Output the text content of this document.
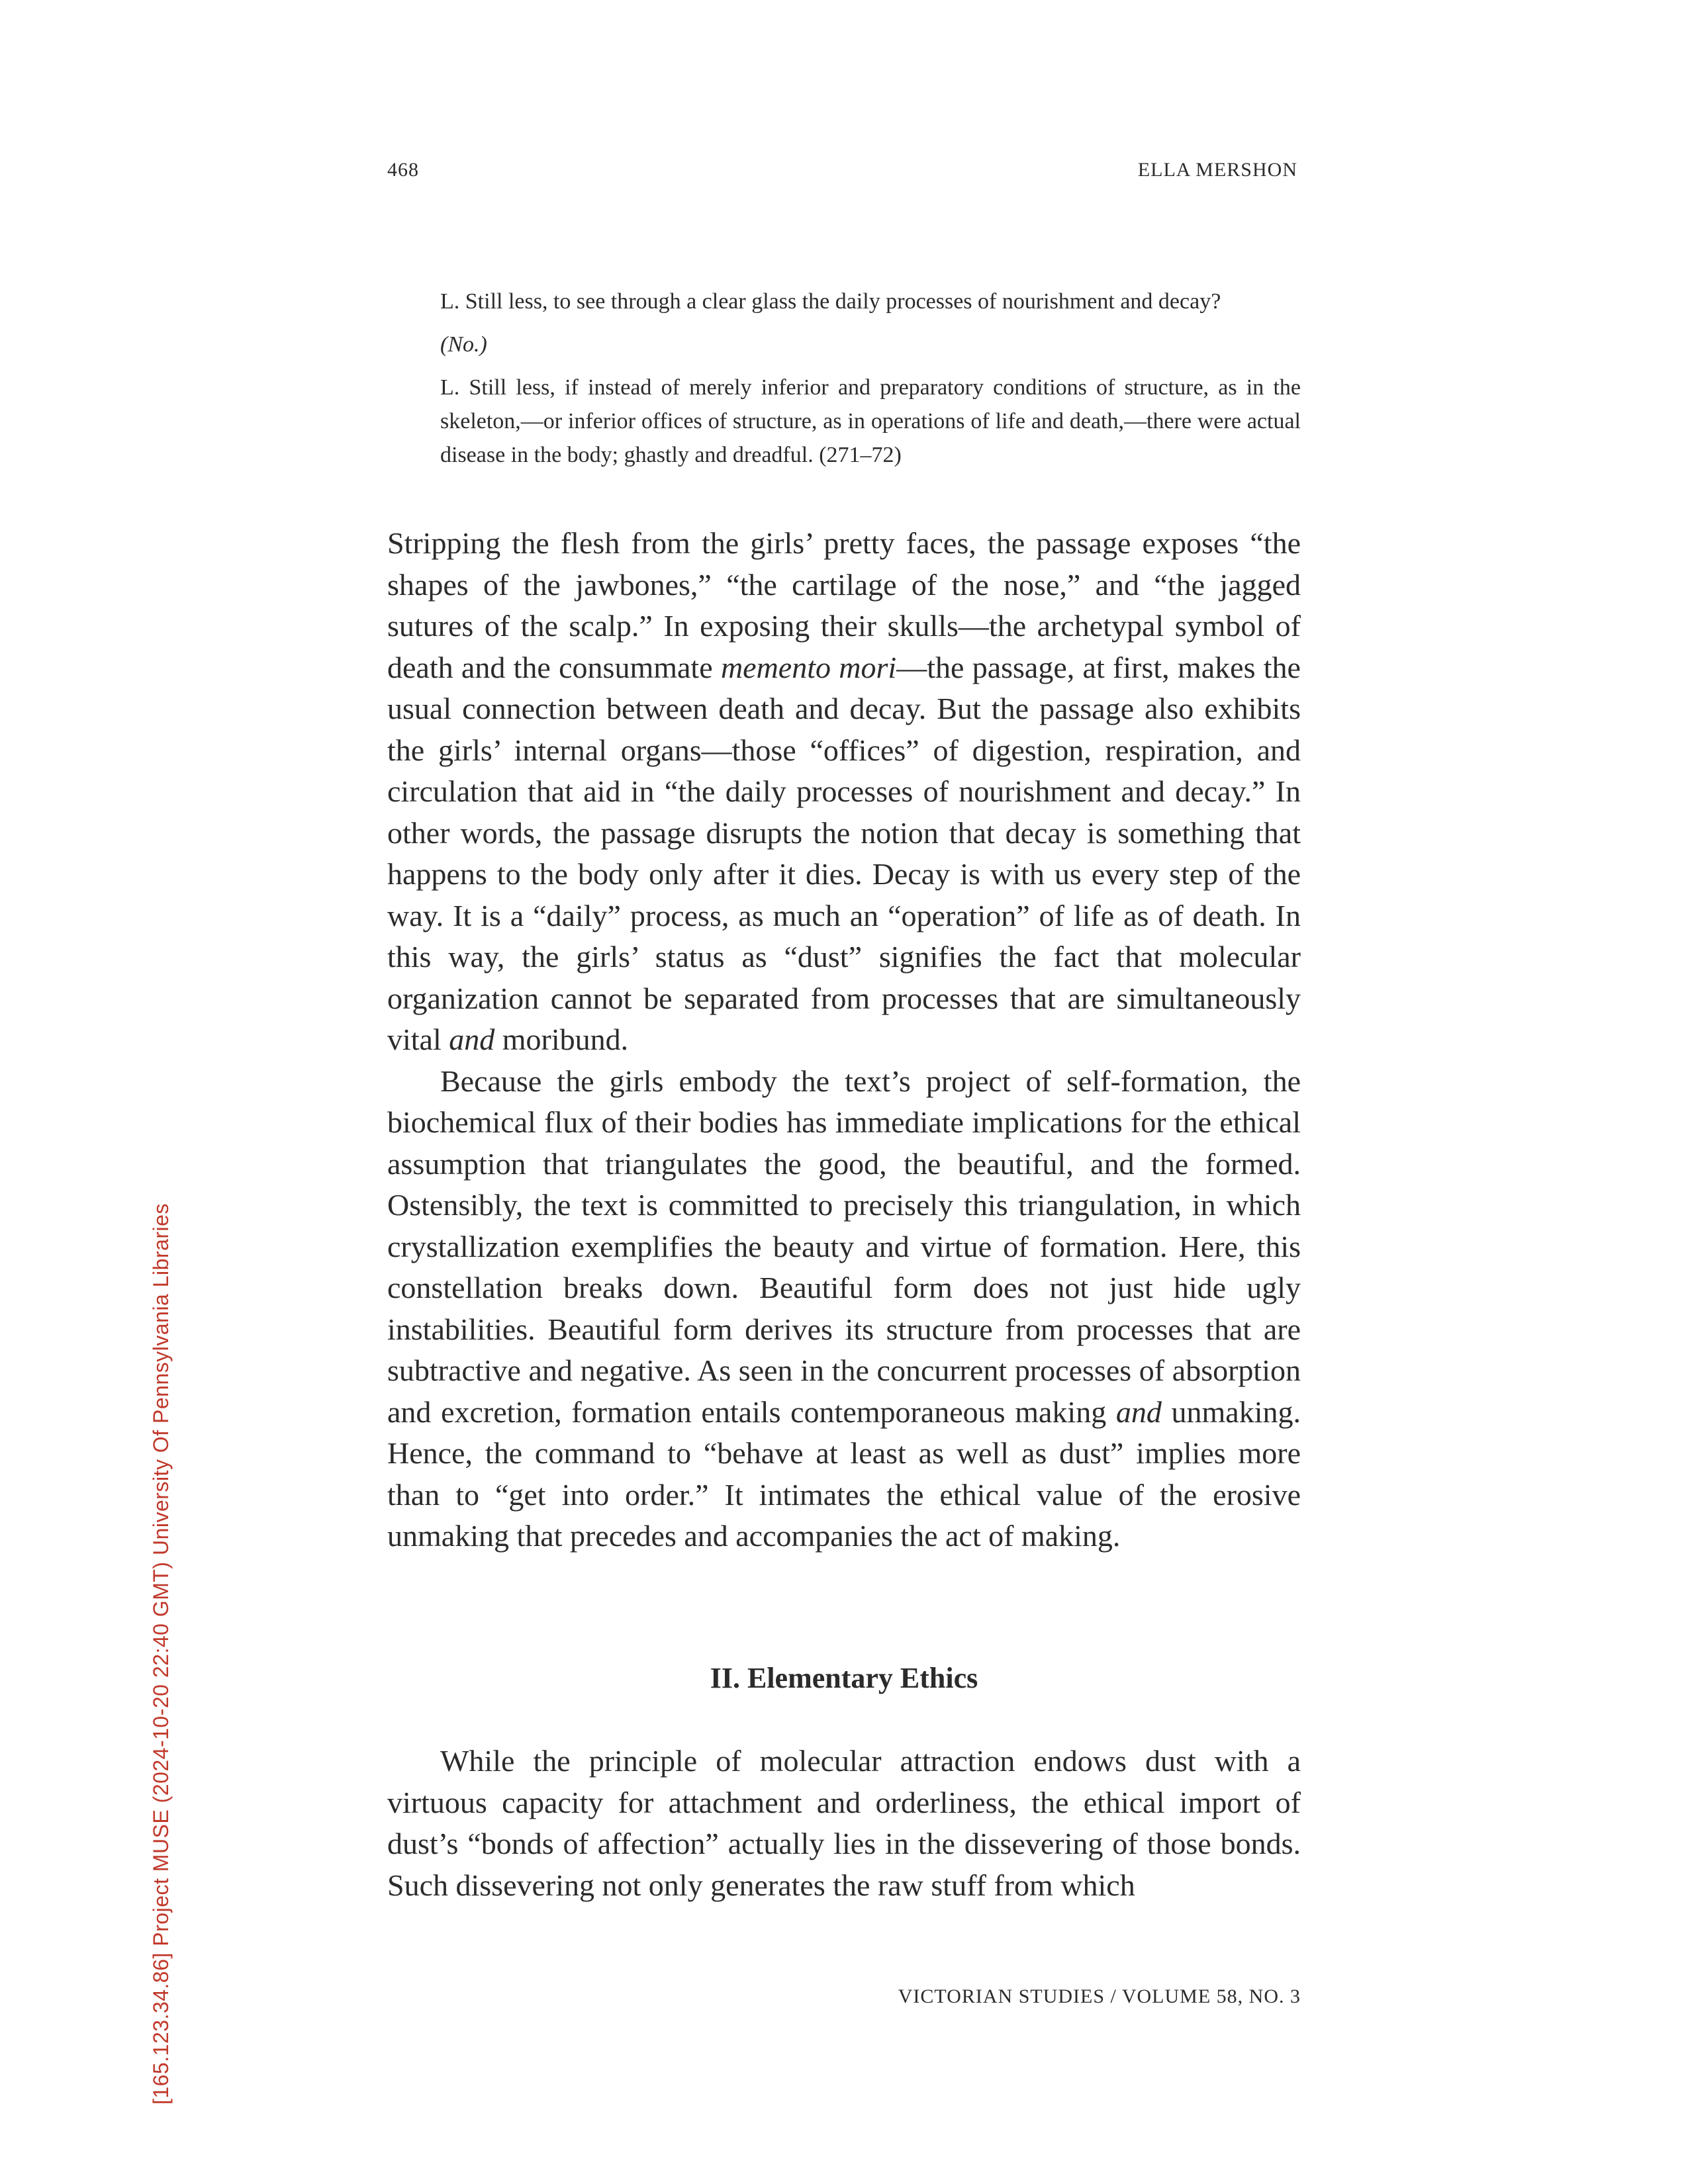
468	ELLA MERSHON

L. Still less, to see through a clear glass the daily processes of nourishment and decay?

(No.)

L. Still less, if instead of merely inferior and preparatory conditions of structure, as in the skeleton,—or inferior offices of structure, as in operations of life and death,—there were actual disease in the body; ghastly and dreadful. (271–72)

Stripping the flesh from the girls’ pretty faces, the passage exposes “the shapes of the jawbones,” “the cartilage of the nose,” and “the jagged sutures of the scalp.” In exposing their skulls—the archetypal symbol of death and the consummate memento mori—the passage, at first, makes the usual connection between death and decay. But the passage also exhibits the girls’ internal organs—those “offices” of digestion, respiration, and circulation that aid in “the daily processes of nourishment and decay.” In other words, the passage disrupts the notion that decay is something that happens to the body only after it dies. Decay is with us every step of the way. It is a “daily” process, as much an “operation” of life as of death. In this way, the girls’ status as “dust” signifies the fact that molecular organization cannot be separated from processes that are simultaneously vital and moribund.

Because the girls embody the text’s project of self-formation, the biochemical flux of their bodies has immediate implications for the ethical assumption that triangulates the good, the beautiful, and the formed. Ostensibly, the text is committed to precisely this triangulation, in which crystallization exemplifies the beauty and virtue of formation. Here, this constellation breaks down. Beautiful form does not just hide ugly instabilities. Beautiful form derives its structure from processes that are subtractive and negative. As seen in the concurrent processes of absorption and excretion, formation entails contemporaneous making and unmaking. Hence, the command to “behave at least as well as dust” implies more than to “get into order.” It intimates the ethical value of the erosive unmaking that precedes and accompanies the act of making.

II. Elementary Ethics

While the principle of molecular attraction endows dust with a virtuous capacity for attachment and orderliness, the ethical import of dust’s “bonds of affection” actually lies in the dissevering of those bonds. Such dissevering not only generates the raw stuff from which

VICTORIAN STUDIES / VOLUME 58, NO. 3
[165.123.34.86] Project MUSE (2024-10-20 22:40 GMT) University Of Pennsylvania Libraries
